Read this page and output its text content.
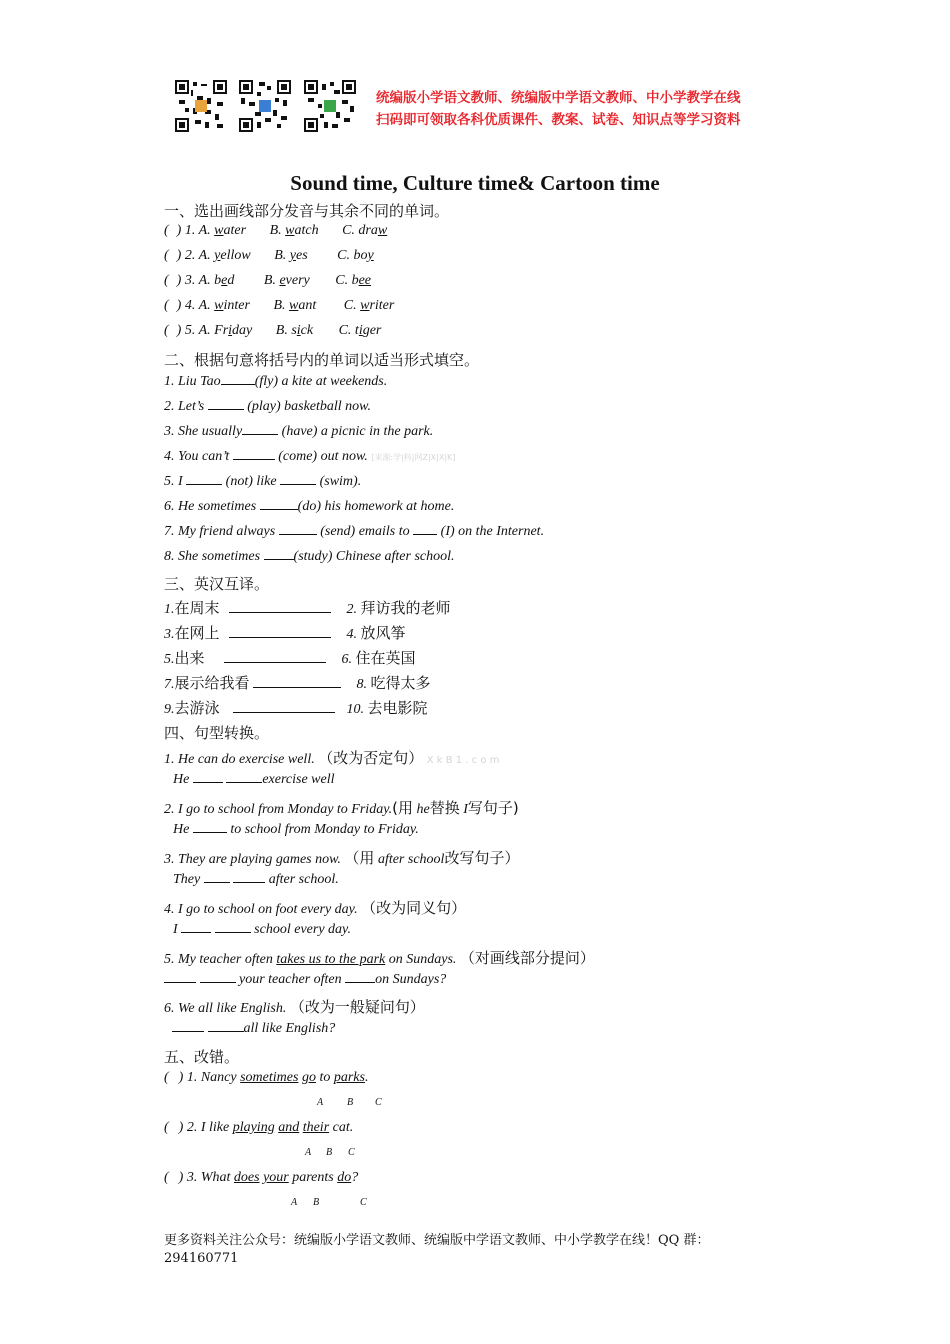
统编版小学语文教师、统编版中学语文教师、中小学教学在线
扫码即可领取各科优质课件、教案、试卷、知识点等学习资料
Sound time, Culture time& Cartoon time
一、选出画线部分发音与其余不同的单词。
( ) 1. A. water B. watch C. draw
( ) 2. A. yellow B. yes C. boy
( ) 3. A. bed B. every C. bee
( ) 4. A. winter B. want C. writer
( ) 5. A. Friday B. sick C. tiger
二、根据句意将括号内的单词以适当形式填空。
1. Liu Tao (fly) a kite at weekends.
2. Let’s	(play) basketball now.
3. She usually	(have) a picnic in the park.
4. You can’t	(come) out now. [来源:学|科|网Z|X|X|K]
5. I	(not) like	(swim).
6. He sometimes	(do) his homework at home.
7. My friend always	(send) emails to (I) on the Internet.
8. She sometimes (study) Chinese after school.
三、英汉互译。
1.在周末	2. 拜访我的老师
3.在网上	4. 放风筝
5.出来	6. 住在英国
7.展示给我看	8. 吃得太多
9.去游泳	10. 去电影院
四、句型转换。
1. He can do exercise well. （改为否定句） X k B 1 . c o m
He	exercise well
2. I go to school from Monday to Friday.(用 he替换 I写句子)
He	to school from Monday to Friday.
3. They are playing games now. （用 after school改写句子）
They	after school.
4. I go to school on foot every day. （改为同义句）
I	school every day.
5. My teacher often takes us to the park on Sundays. （对画线部分提问）
your teacher often on Sundays?
6. We all like English. （改为一般疑问句）
all like English?
五、改错。
( ) 1. Nancy sometimes go to parks.
A B C
( ) 2. I like playing and their cat.
A B C
( ) 3. What does your parents do?
A B	C
更多资料关注公众号：统编版小学语文教师、统编版中学语文教师、中小学教学在线！QQ 群：
294160771
